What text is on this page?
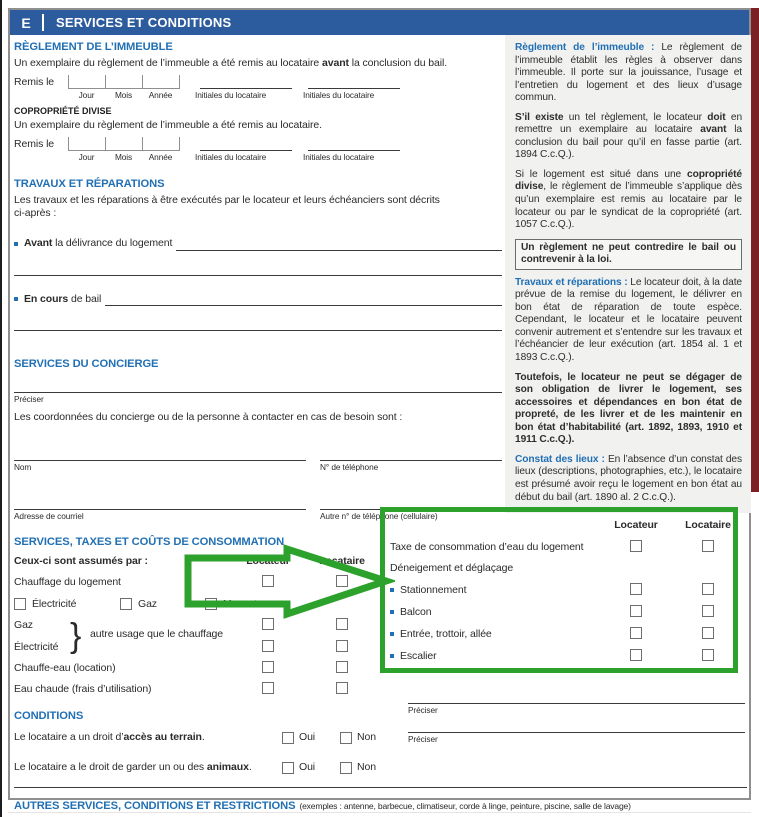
E	SERVICES ET CONDITIONS
RÈGLEMENT DE L’IMMEUBLE
Un exemplaire du règlement de l’immeuble a été remis au locataire avant la conclusion du bail.
Remis le
Jour	Mois	Année	Initiales du locataire	Initiales du locataire
COPROPRIÉTÉ DIVISE
Un exemplaire du règlement de l’immeuble a été remis au locataire.
Remis le
Jour	Mois	Année	Initiales du locataire	Initiales du locataire
TRAVAUX ET RÉPARATIONS
Les travaux et les réparations à être exécutés par le locateur et leurs échéanciers sont décrits ci-après :
Avant la délivrance du logement
En cours de bail
SERVICES DU CONCIERGE
Préciser
Les coordonnées du concierge ou de la personne à contacter en cas de besoin sont :
Nom	N° de téléphone
Adresse de courriel	Autre n° de téléphone (cellulaire)
SERVICES, TAXES ET COÛTS DE CONSOMMATION
Ceux-ci sont assumés par :	Locateur	Locataire
Chauffage du logement
Électricité	Gaz	Mazout
Gaz
Électricité } autre usage que le chauffage
Chauffe-eau (location)
Eau chaude (frais d’utilisation)
CONDITIONS
Le locataire a un droit d’accès au terrain.	Oui	Non
Le locataire a le droit de garder un ou des animaux.	Oui	Non
AUTRES SERVICES, CONDITIONS ET RESTRICTIONS (exemples : antenne, barbecue, climatiseur, corde à linge, peinture, piscine, salle de lavage)
Préciser
Préciser
Règlement de l’immeuble : Le règlement de l’immeuble établit les règles à observer dans l’immeuble. Il porte sur la jouissance, l’usage et l’entretien du logement et des lieux d’usage commun.
S’il existe un tel règlement, le locateur doit en remettre un exemplaire au locataire avant la conclusion du bail pour qu’il en fasse partie (art. 1894 C.c.Q.).
Si le logement est situé dans une copropriété divise, le règlement de l’immeuble s’applique dès qu’un exemplaire est remis au locataire par le locateur ou par le syndicat de la copropriété (art. 1057 C.c.Q.).
Un règlement ne peut contredire le bail ou contrevenir à la loi.
Travaux et réparations : Le locateur doit, à la date prévue de la remise du logement, le délivrer en bon état de réparation de toute espèce. Cependant, le locateur et le locataire peuvent convenir autrement et s’entendre sur les travaux et l’échéancier de leur exécution (art. 1854 al. 1 et 1893 C.c.Q.).
Toutefois, le locateur ne peut se dégager de son obligation de livrer le logement, ses accessoires et dépendances en bon état de propreté, de les livrer et de les maintenir en bon état d’habitabilité (art. 1892, 1893, 1910 et 1911 C.c.Q.).
Constat des lieux : En l’absence d’un constat des lieux (descriptions, photographies, etc.), le locataire est présumé avoir reçu le logement en bon état au début du bail (art. 1890 al. 2 C.c.Q.).
Locateur	Locataire
Taxe de consommation d’eau du logement
Déneigement et déglaçage
Stationnement
Balcon
Entrée, trottoir, allée
Escalier
